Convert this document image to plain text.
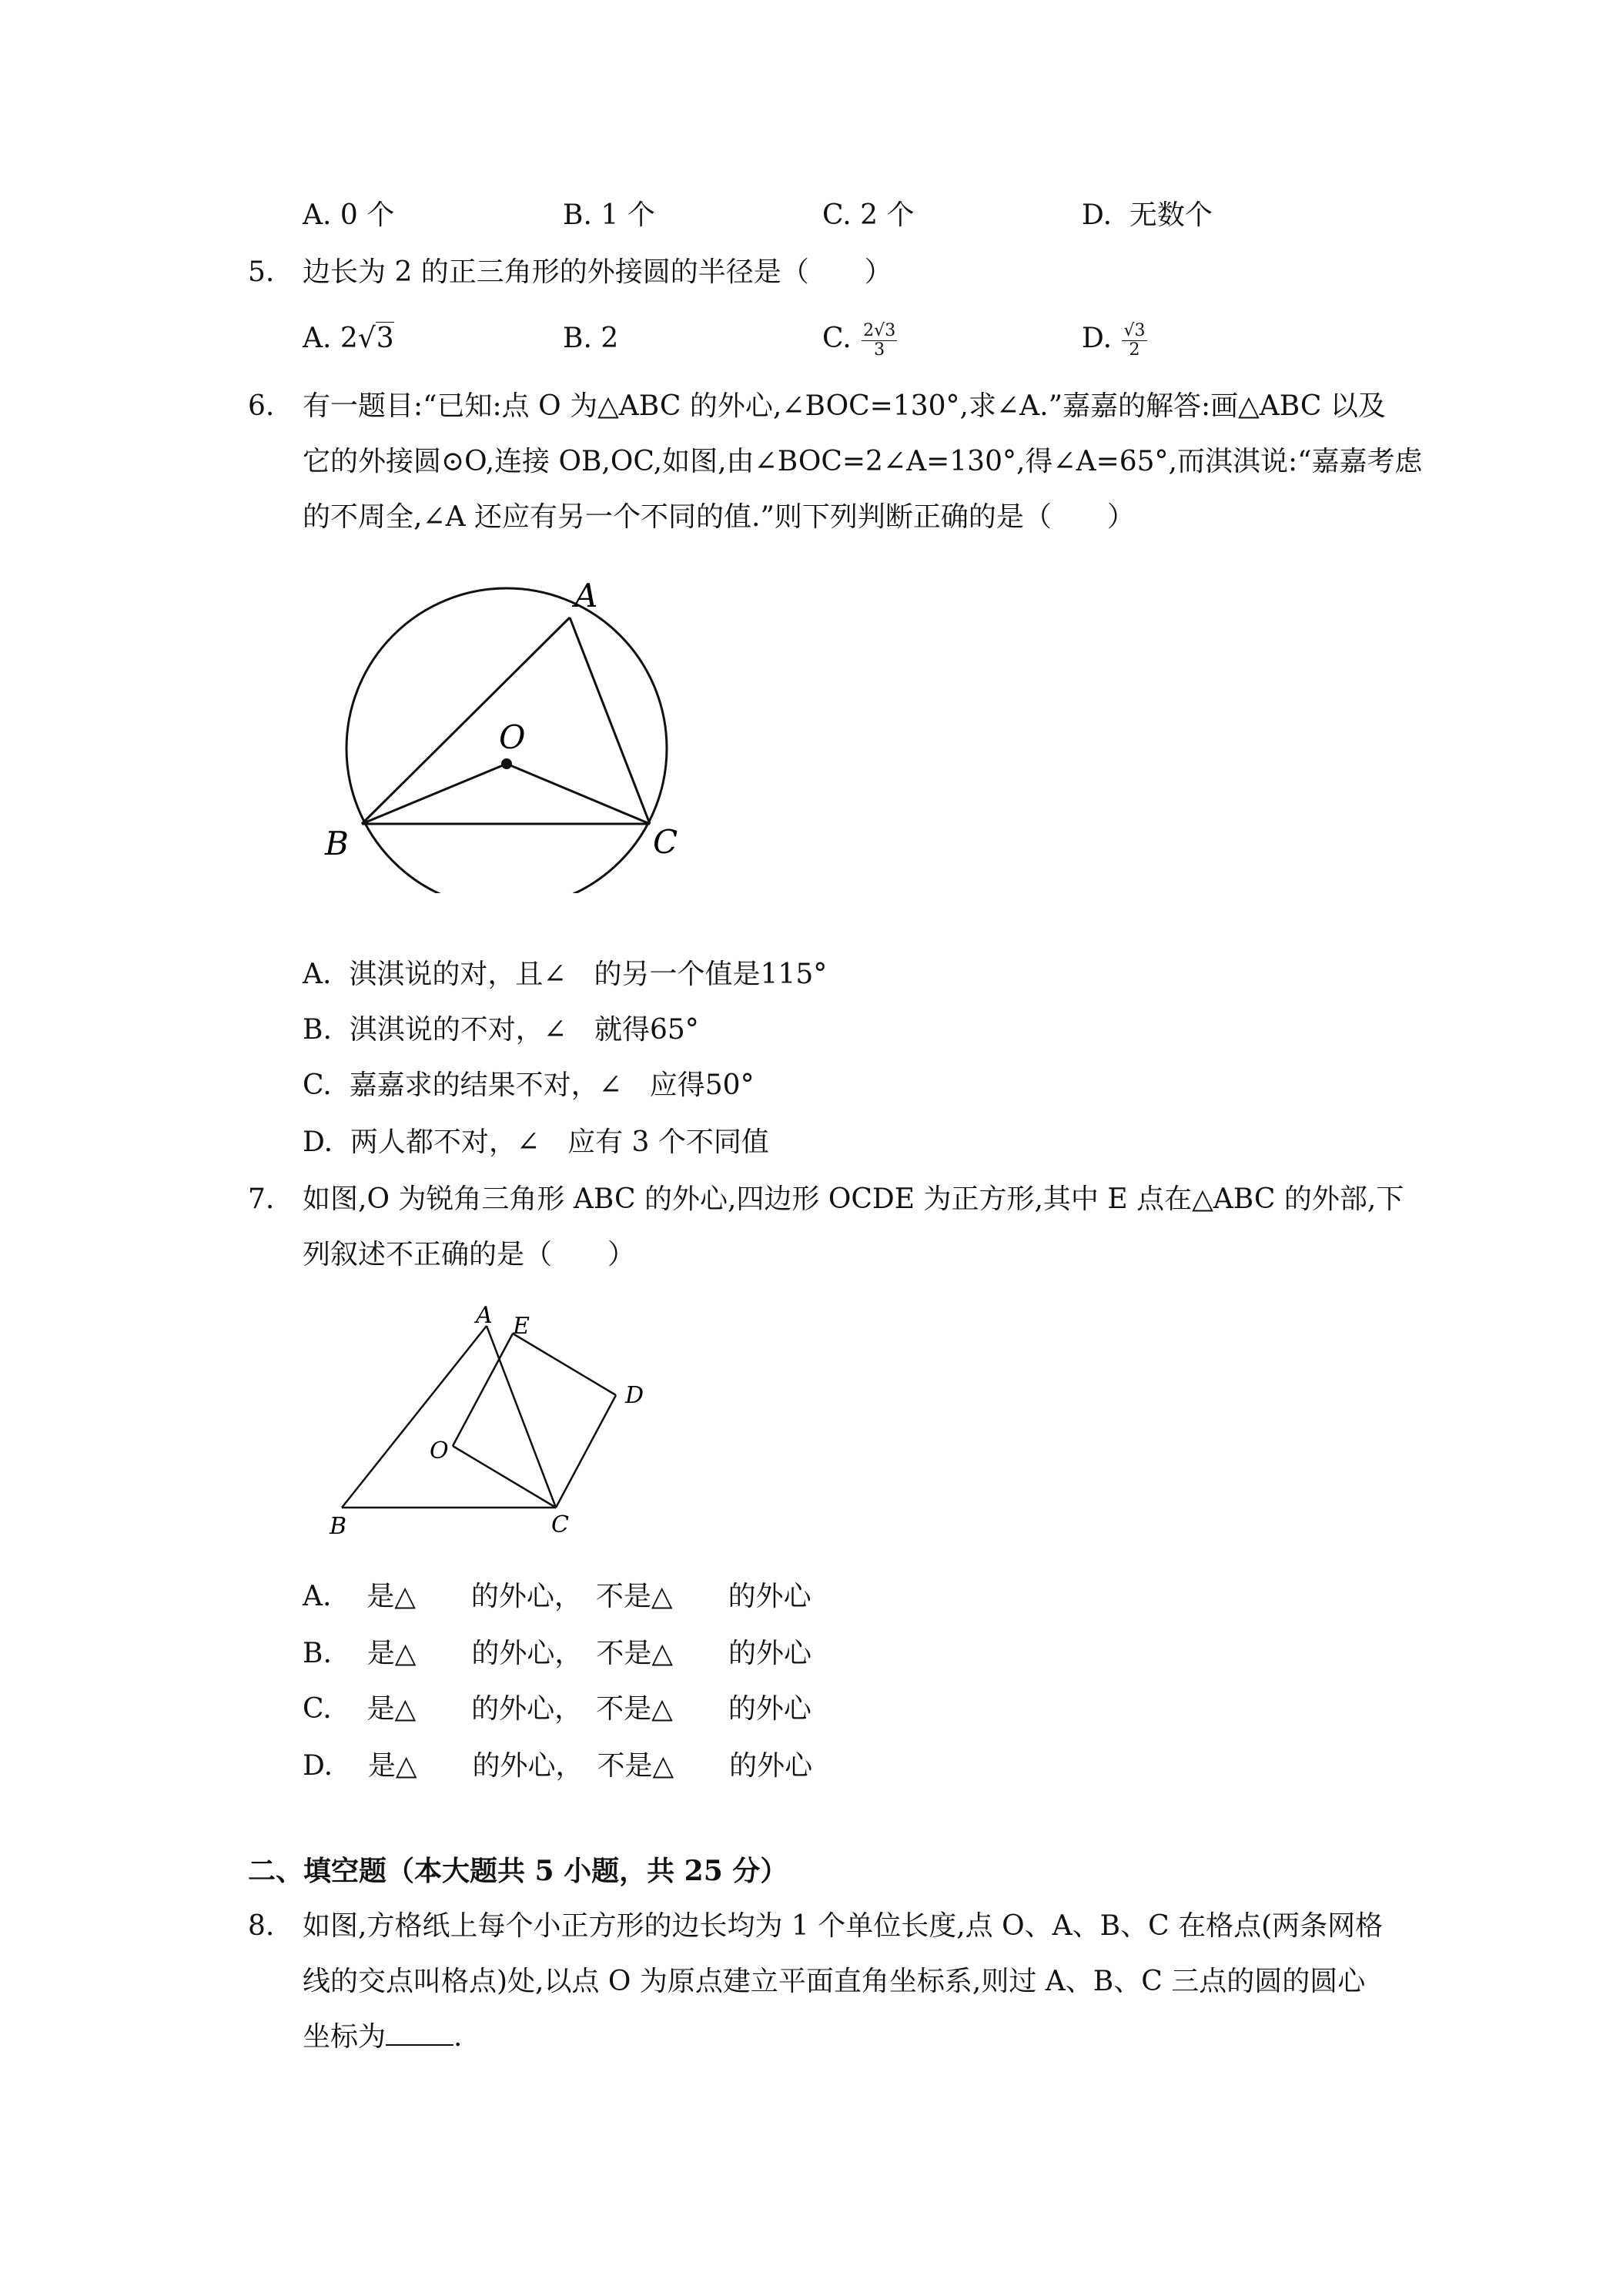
A. 0 个	B. 1 个	C. 2 个	D. 无数个
5. 边长为 2 的正三角形的外接圆的半径是（　　）
A. 2√3	B. 2	C. $\frac{2√3}{3}$	D. $\frac{√3}{2}$
6. 有一题目:“已知:点 O 为△ABC 的外心,∠BOC=130°,求∠A.”嘉嘉的解答:画△ABC 以及
它的外接圆⊙O,连接 OB,OC,如图,由∠BOC=2∠A=130°,得∠A=65°,而淇淇说:“嘉嘉考虑
的不周全,∠A 还应有另一个不同的值.”则下列判断正确的是（　　）
A
O
B	C
A. 淇淇说的对，且∠　的另一个值是115°
B. 淇淇说的不对，∠　就得65°
C. 嘉嘉求的结果不对，∠　应得50°
D. 两人都不对，∠　应有 3 个不同值
7. 如图,O 为锐角三角形 ABC 的外心,四边形 OCDE 为正方形,其中 E 点在△ABC 的外部,下
列叙述不正确的是（　　）
A E
D
O
B	C
A. 是△　　的外心，　不是△　　的外心
B. 是△　　的外心，　不是△　　的外心
C. 是△　　的外心，　不是△　　的外心
D. 是△　　的外心，　不是△　　的外心
二、填空题（本大题共 5 小题，共 25 分）
8. 如图,方格纸上每个小正方形的边长均为 1 个单位长度,点 O、A、B、C 在格点(两条网格
线的交点叫格点)处,以点 O 为原点建立平面直角坐标系,则过 A、B、C 三点的圆的圆心
坐标为 .
